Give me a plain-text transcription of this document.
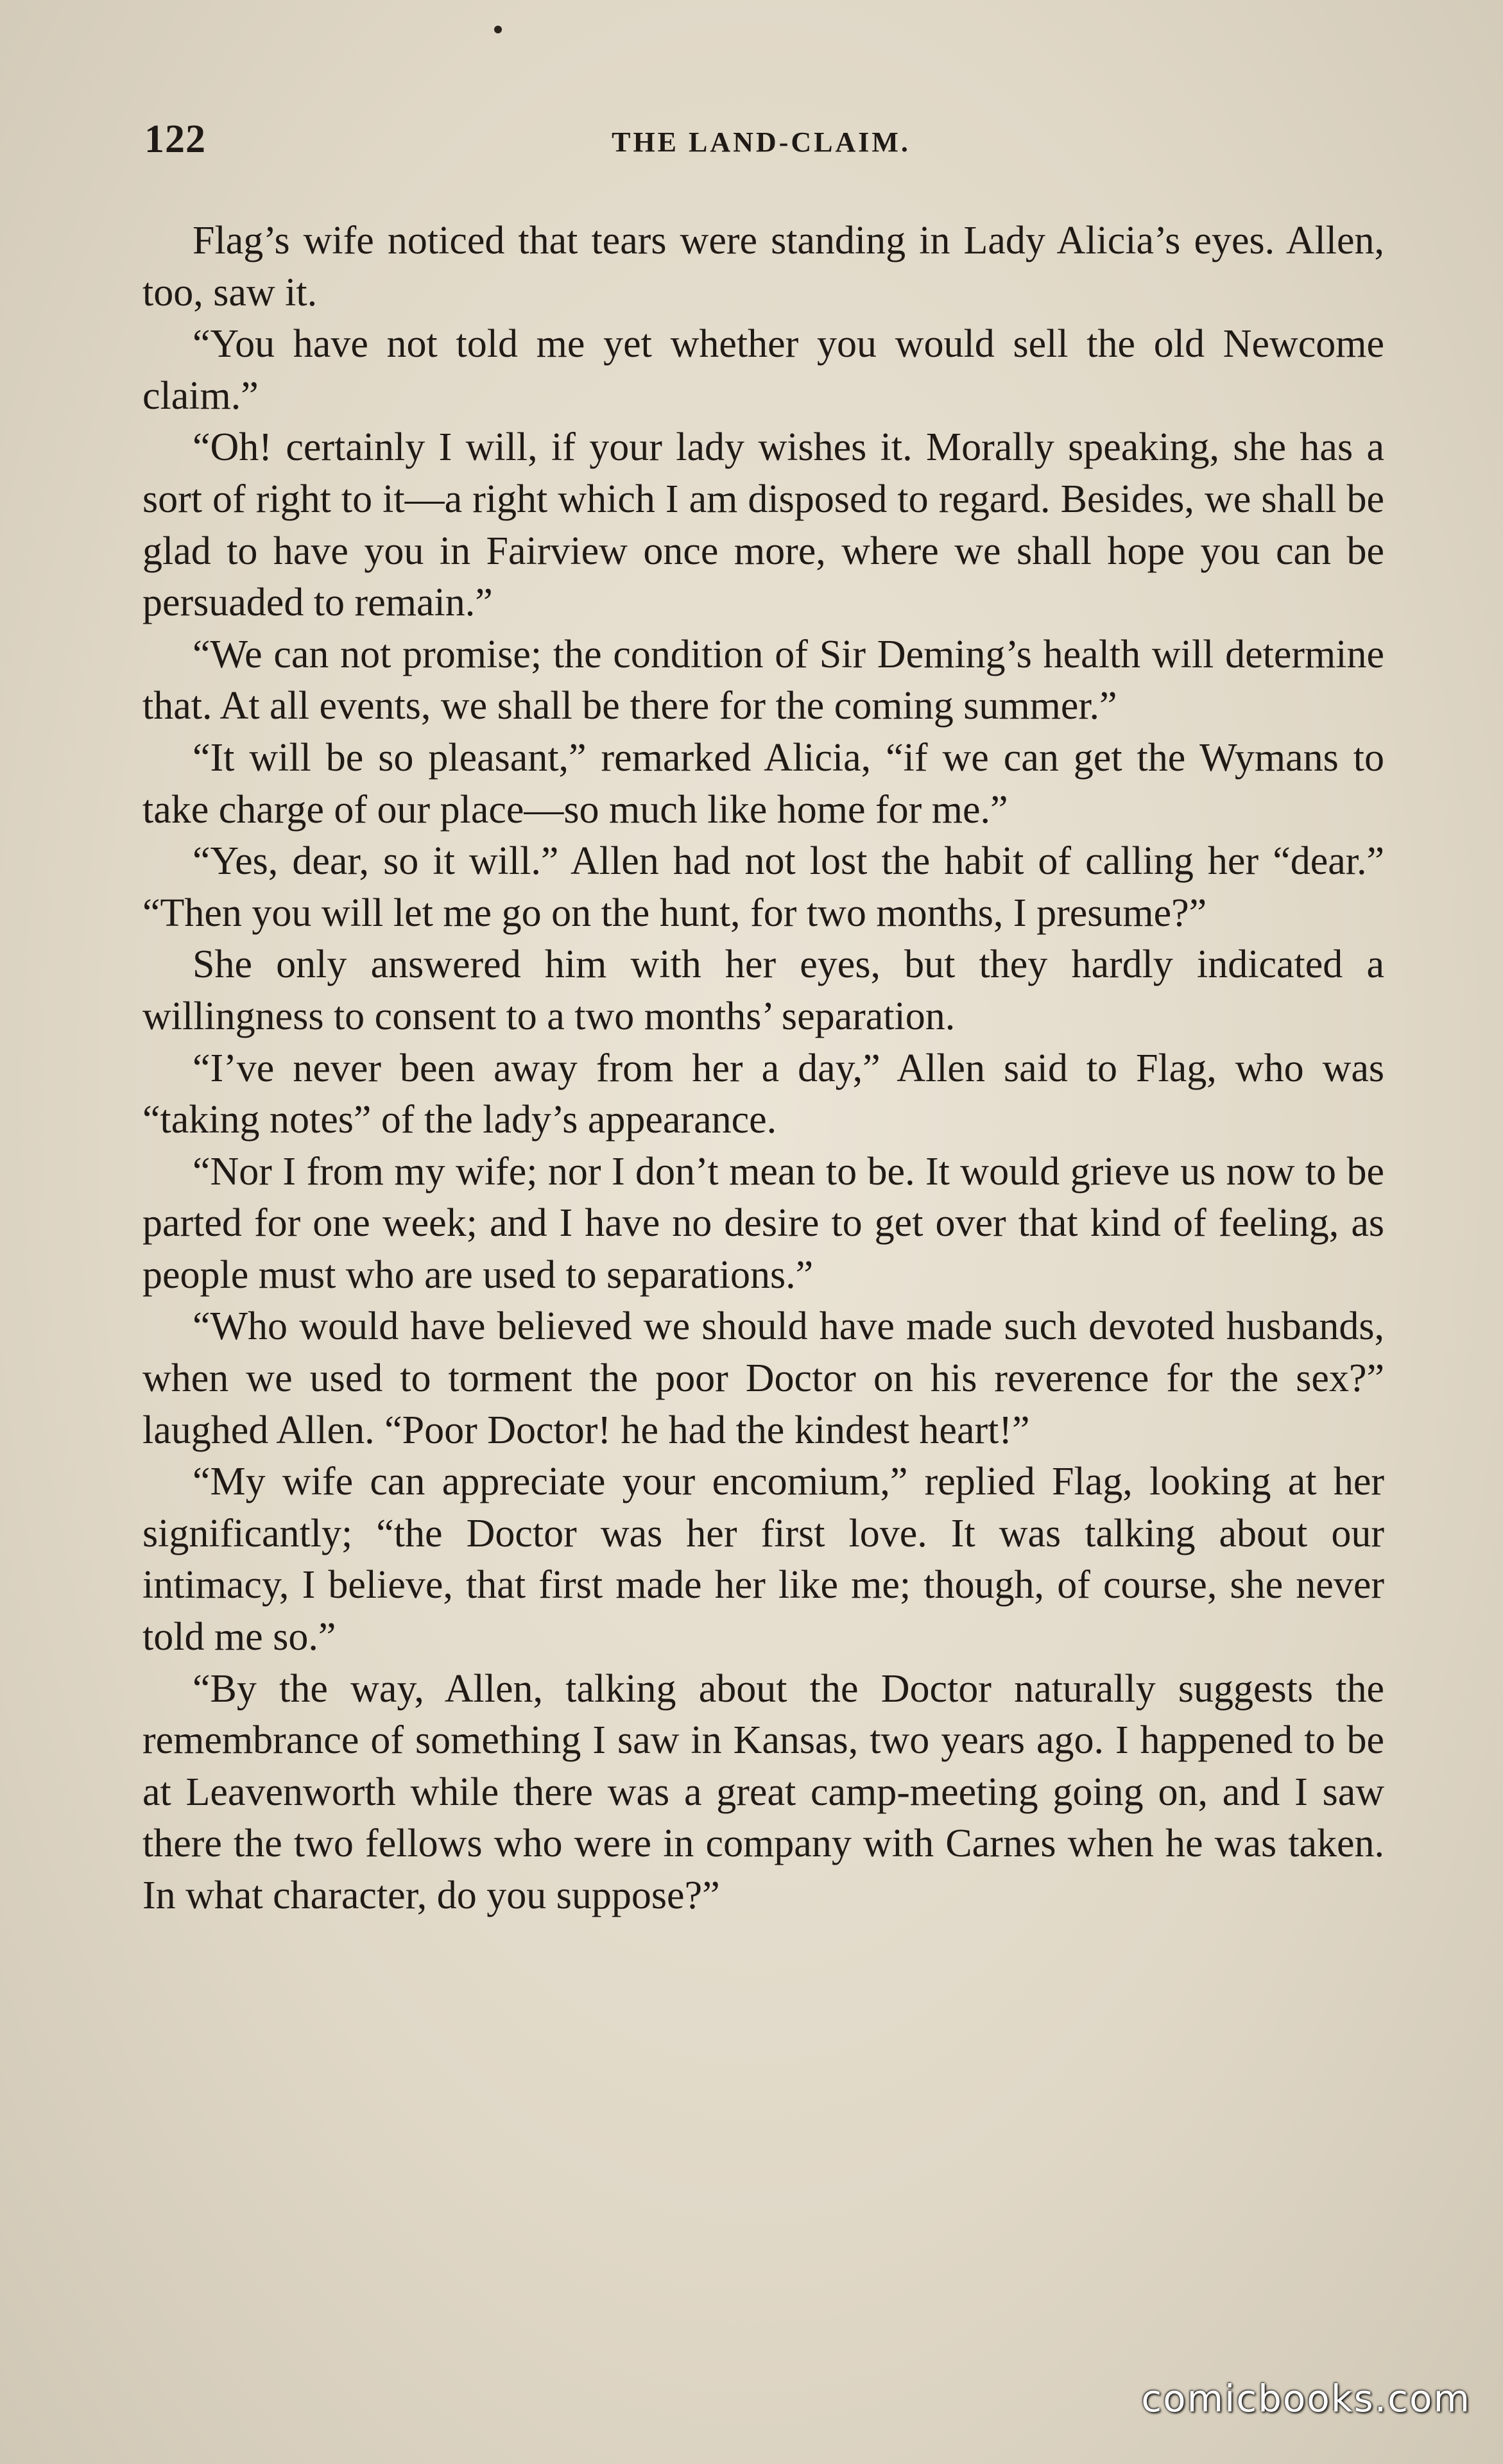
122	THE LAND-CLAIM.

Flag’s wife noticed that tears were standing in Lady Alicia’s eyes. Allen, too, saw it.

“You have not told me yet whether you would sell the old Newcome claim.”

“Oh! certainly I will, if your lady wishes it. Morally speaking, she has a sort of right to it—a right which I am disposed to regard. Besides, we shall be glad to have you in Fairview once more, where we shall hope you can be persuaded to remain.”

“We can not promise; the condition of Sir Deming’s health will determine that. At all events, we shall be there for the coming summer.”

“It will be so pleasant,” remarked Alicia, “if we can get the Wymans to take charge of our place—so much like home for me.”

“Yes, dear, so it will.” Allen had not lost the habit of calling her “dear.” “Then you will let me go on the hunt, for two months, I presume?”

She only answered him with her eyes, but they hardly indicated a willingness to consent to a two months’ separation.

“I’ve never been away from her a day,” Allen said to Flag, who was “taking notes” of the lady’s appearance.

“Nor I from my wife; nor I don’t mean to be. It would grieve us now to be parted for one week; and I have no desire to get over that kind of feeling, as people must who are used to separations.”

“Who would have believed we should have made such devoted husbands, when we used to torment the poor Doctor on his reverence for the sex?” laughed Allen. “Poor Doctor! he had the kindest heart!”

“My wife can appreciate your encomium,” replied Flag, looking at her significantly; “the Doctor was her first love. It was talking about our intimacy, I believe, that first made her like me; though, of course, she never told me so.”

“By the way, Allen, talking about the Doctor naturally suggests the remembrance of something I saw in Kansas, two years ago. I happened to be at Leavenworth while there was a great camp-meeting going on, and I saw there the two fellows who were in company with Carnes when he was taken. In what character, do you suppose?”

comicbooks.com
